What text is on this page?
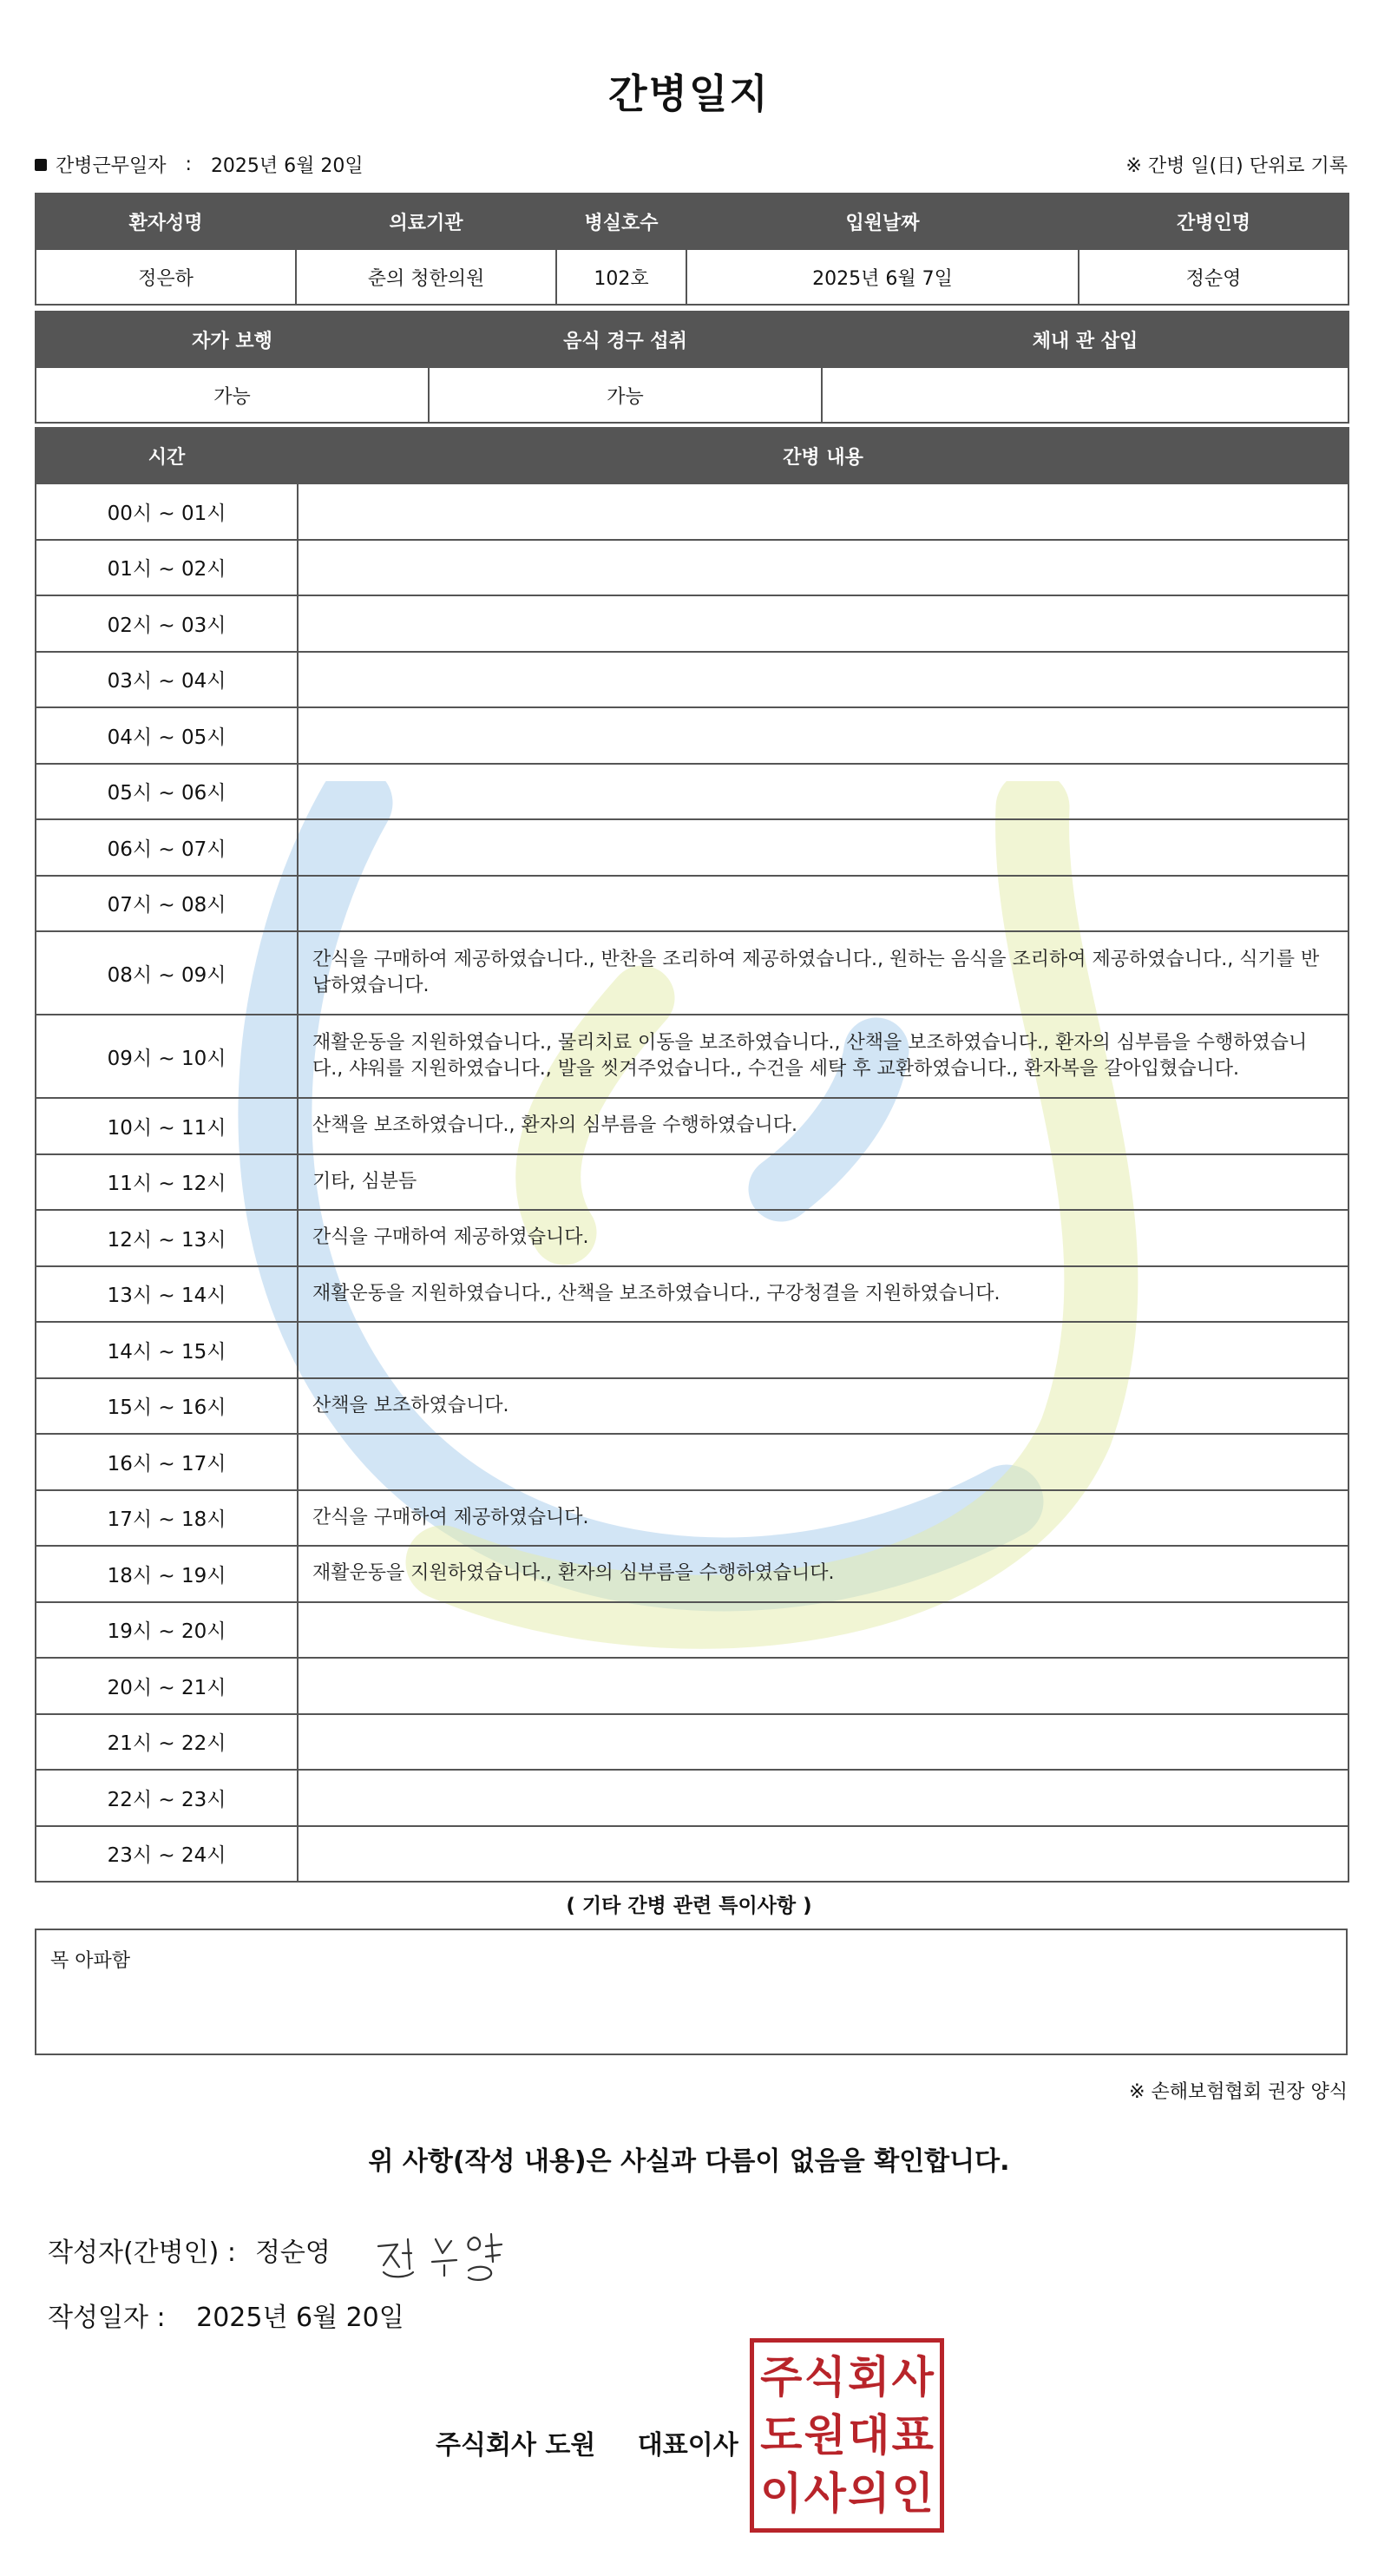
간병일지
간병근무일자 : 2025년 6월 20일	※ 간병 일(日) 단위로 기록
환자성명	의료기관	병실호수	입원날짜	간병인명
정은하	춘의 청한의원	102호	2025년 6월 7일	정순영
자가 보행	음식 경구 섭취	체내 관 삽입
가능	가능	
시간	간병 내용
00시 ~ 01시	
01시 ~ 02시	
02시 ~ 03시	
03시 ~ 04시	
04시 ~ 05시	
05시 ~ 06시	
06시 ~ 07시	
07시 ~ 08시	
08시 ~ 09시	간식을 구매하여 제공하였습니다., 반찬을 조리하여 제공하였습니다., 원하는 음식을 조리하여 제공하였습니다., 식기를 반납하였습니다.
09시 ~ 10시	재활운동을 지원하였습니다., 물리치료 이동을 보조하였습니다., 산책을 보조하였습니다., 환자의 심부름을 수행하였습니다., 샤워를 지원하였습니다., 발을 씻겨주었습니다., 수건을 세탁 후 교환하였습니다., 환자복을 갈아입혔습니다.
10시 ~ 11시	산책을 보조하였습니다., 환자의 심부름을 수행하였습니다.
11시 ~ 12시	기타, 심분듬
12시 ~ 13시	간식을 구매하여 제공하였습니다.
13시 ~ 14시	재활운동을 지원하였습니다., 산책을 보조하였습니다., 구강청결을 지원하였습니다.
14시 ~ 15시	
15시 ~ 16시	산책을 보조하였습니다.
16시 ~ 17시	
17시 ~ 18시	간식을 구매하여 제공하였습니다.
18시 ~ 19시	재활운동을 지원하였습니다., 환자의 심부름을 수행하였습니다.
19시 ~ 20시	
20시 ~ 21시	
21시 ~ 22시	
22시 ~ 23시	
23시 ~ 24시	
( 기타 간병 관련 특이사항 )
목 아파함
※ 손해보험협회 권장 양식
위 사항(작성 내용)은 사실과 다름이 없음을 확인합니다.
작성자(간병인) : 정순영
작성일자 : 2025년 6월 20일
주식회사 도원 대표이사
주 식 회 사
도 원 대 표
이 사 의 인
